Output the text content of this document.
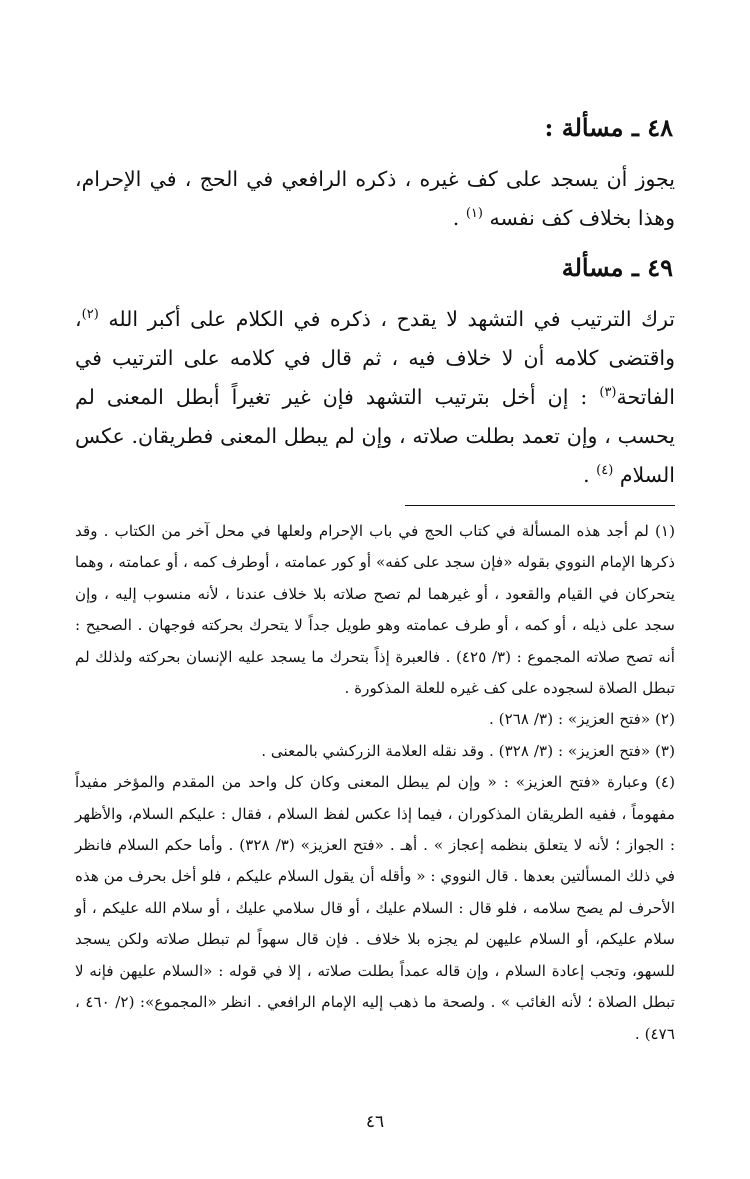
٤٨ ـ مسألة :

يجوز أن يسجد على كف غيره ، ذكره الرافعي في الحج ، في الإحرام، وهذا بخلاف كف نفسه $^{(١)}$ .

٤٩ ـ مسألة

ترك الترتيب في التشهد لا يقدح ، ذكره في الكلام على أكبر الله $^{(٢)}$، واقتضى كلامه أن لا خلاف فيه ، ثم قال في كلامه على الترتيب في الفاتحة$^{(٣)}$ : إن أخل بترتيب التشهد فإن غير تغيراً أبطل المعنى لم يحسب ، وإن تعمد بطلت صلاته ، وإن لم يبطل المعنى فطريقان. عكس السلام $^{(٤)}$ .

(١) لم أجد هذه المسألة في كتاب الحج في باب الإحرام ولعلها في محل آخر من الكتاب . وقد ذكرها الإمام النووي بقوله «فإن سجد على كفه» أو كور عمامته ، أوطرف كمه ، أو عمامته ، وهما يتحركان في القيام والقعود ، أو غيرهما لم تصح صلاته بلا خلاف عندنا ، لأنه منسوب إليه ، وإن سجد على ذيله ، أو كمه ، أو طرف عمامته وهو طويل جداً لا يتحرك بحركته فوجهان . الصحيح : أنه تصح صلاته المجموع : (٣/ ٤٢٥) . فالعبرة إذاً بتحرك ما يسجد عليه الإنسان بحركته ولذلك لم تبطل الصلاة لسجوده على كف غيره للعلة المذكورة .

(٢) «فتح العزيز» : (٣/ ٢٦٨) .

(٣) «فتح العزيز» : (٣/ ٣٢٨) . وقد نقله العلامة الزركشي بالمعنى .

(٤) وعبارة «فتح العزيز» : « وإن لم يبطل المعنى وكان كل واحد من المقدم والمؤخر مفيداً مفهوماً ، ففيه الطريقان المذكوران ، فيما إذا عكس لفظ السلام ، فقال : عليكم السلام، والأظهر : الجواز ؛ لأنه لا يتعلق بنظمه إعجاز » . أهـ . «فتح العزيز» (٣/ ٣٢٨) . وأما حكم السلام فانظر في ذلك المسألتين بعدها . قال النووي : « وأقله أن يقول السلام عليكم ، فلو أخل بحرف من هذه الأحرف لم يصح سلامه ، فلو قال : السلام عليك ، أو قال سلامي عليك ، أو سلام الله عليكم ، أو سلام عليكم، أو السلام عليهن لم يجزه بلا خلاف . فإن قال سهواً لم تبطل صلاته ولكن يسجد للسهو، وتجب إعادة السلام ، وإن قاله عمداً بطلت صلاته ، إلا في قوله : «السلام عليهن فإنه لا تبطل الصلاة ؛ لأنه الغائب » . ولصحة ما ذهب إليه الإمام الرافعي . انظر «المجموع»: (٢/ ٤٦٠ ، ٤٧٦) .

٤٦
